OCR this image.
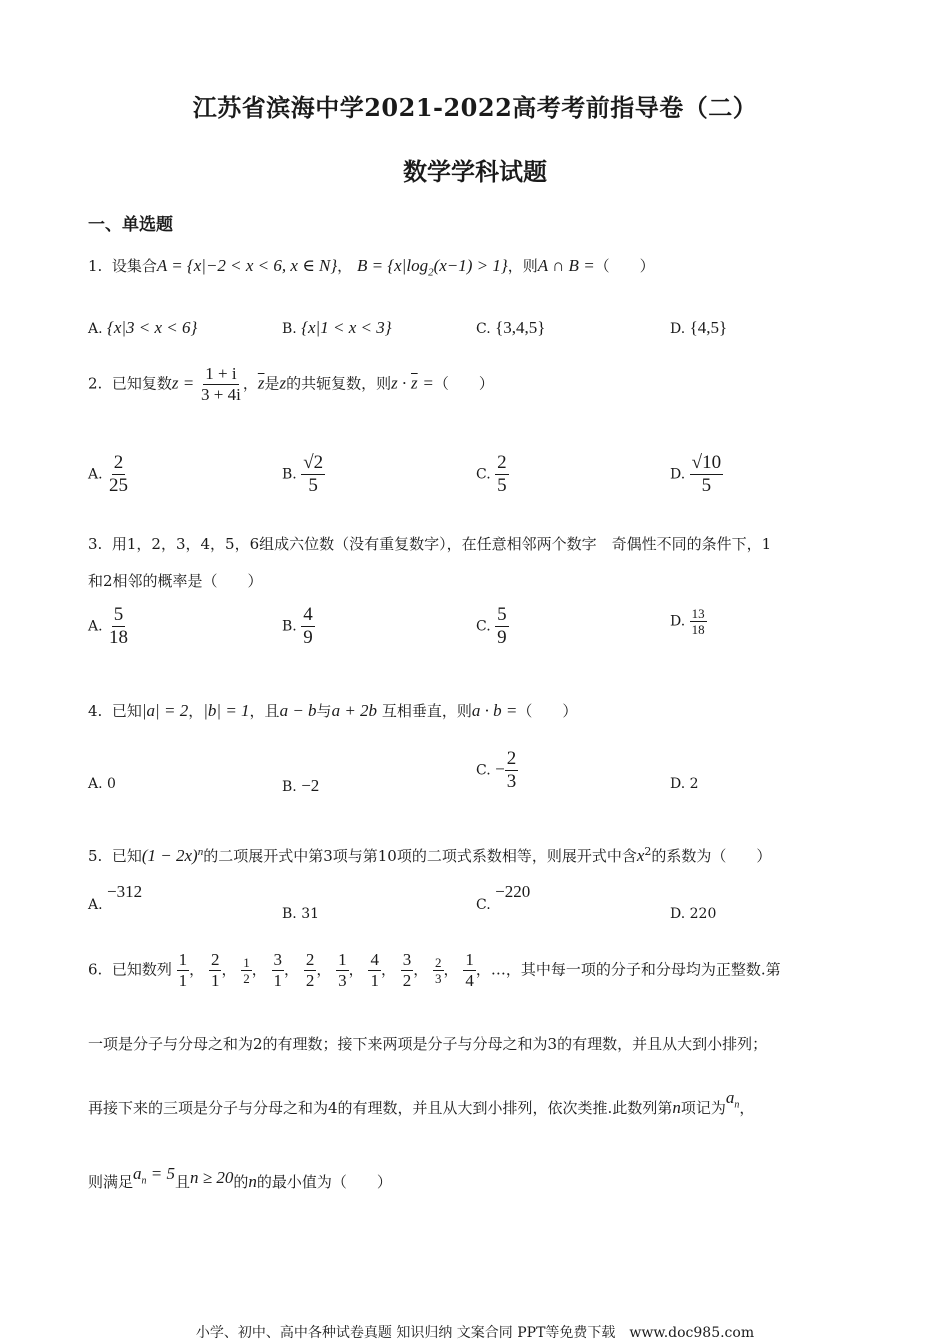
江苏省滨海中学2021-2022高考考前指导卷（二）
数学学科试题
一、单选题
1. 设集合A = {x|−2 < x < 6, x ∈ N}， $B = \{x|\log_2(x-1) > 1\}$，则A ∩ B =（　　）
A. {x|3 < x < 6}	B. {x|1 < x < 3}	C. {3,4,5}	D. {4,5}
2. 已知复数$z = \frac{1 + i}{3 + 4i}$ ，$\overline{z}$是z的共轭复数，则$z \cdot \overline{z}$ =（　　）
A. $\frac{2}{25}$	B. $\frac{√2}{5}$	C. $\frac{2}{5}$	D. $\frac{√10}{5}$
3. 用1，2，3，4，5，6组成六位数（没有重复数字），在任意相邻两个数字　奇偶性不同的条件下，1
和2相邻的概率是（　　）
A. $\frac{5}{18}$	B. $\frac{4}{9}$	C. $\frac{5}{9}$	D. $\frac{13}{18}$
4. 已知|a| = 2，|b| = 1，且a − b与a + 2b 互相垂直，则a · b =（　　）
A. 0	B. −2
C. − $\frac{2}{3}$	D. 2
5. 已知$(1 - 2x)^n$的二项展开式中第3项与第10项的二项式系数相等，则展开式中含$x^2$的系数为（　　）
A. −312
B. 31
C. −220
D. 220
6. 已知数列 $\frac{1}{1}$ ， $\frac{2}{1}$ ， $\frac{1}{2}$ ， $\frac{3}{1}$ ， $\frac{2}{2}$ ， $\frac{1}{3}$ ， $\frac{4}{1}$ ， $\frac{3}{2}$ ， $\frac{2}{3}$ ， $\frac{1}{4}$ ，…，其中每一项的分子和分母均为正整数.第
一项是分子与分母之和为2的有理数；接下来两项是分子与分母之和为3的有理数，并且从大到小排列；
再接下来的三项是分子与分母之和为4的有理数，并且从大到小排列，依次类推.此数列第n项记为$a_n$，
则满足$a_n = 5$且n ≥ 20的n的最小值为（　　）
小学、初中、高中各种试卷真题 知识归纳 文案合同 PPT等免费下载　www.doc985.com
